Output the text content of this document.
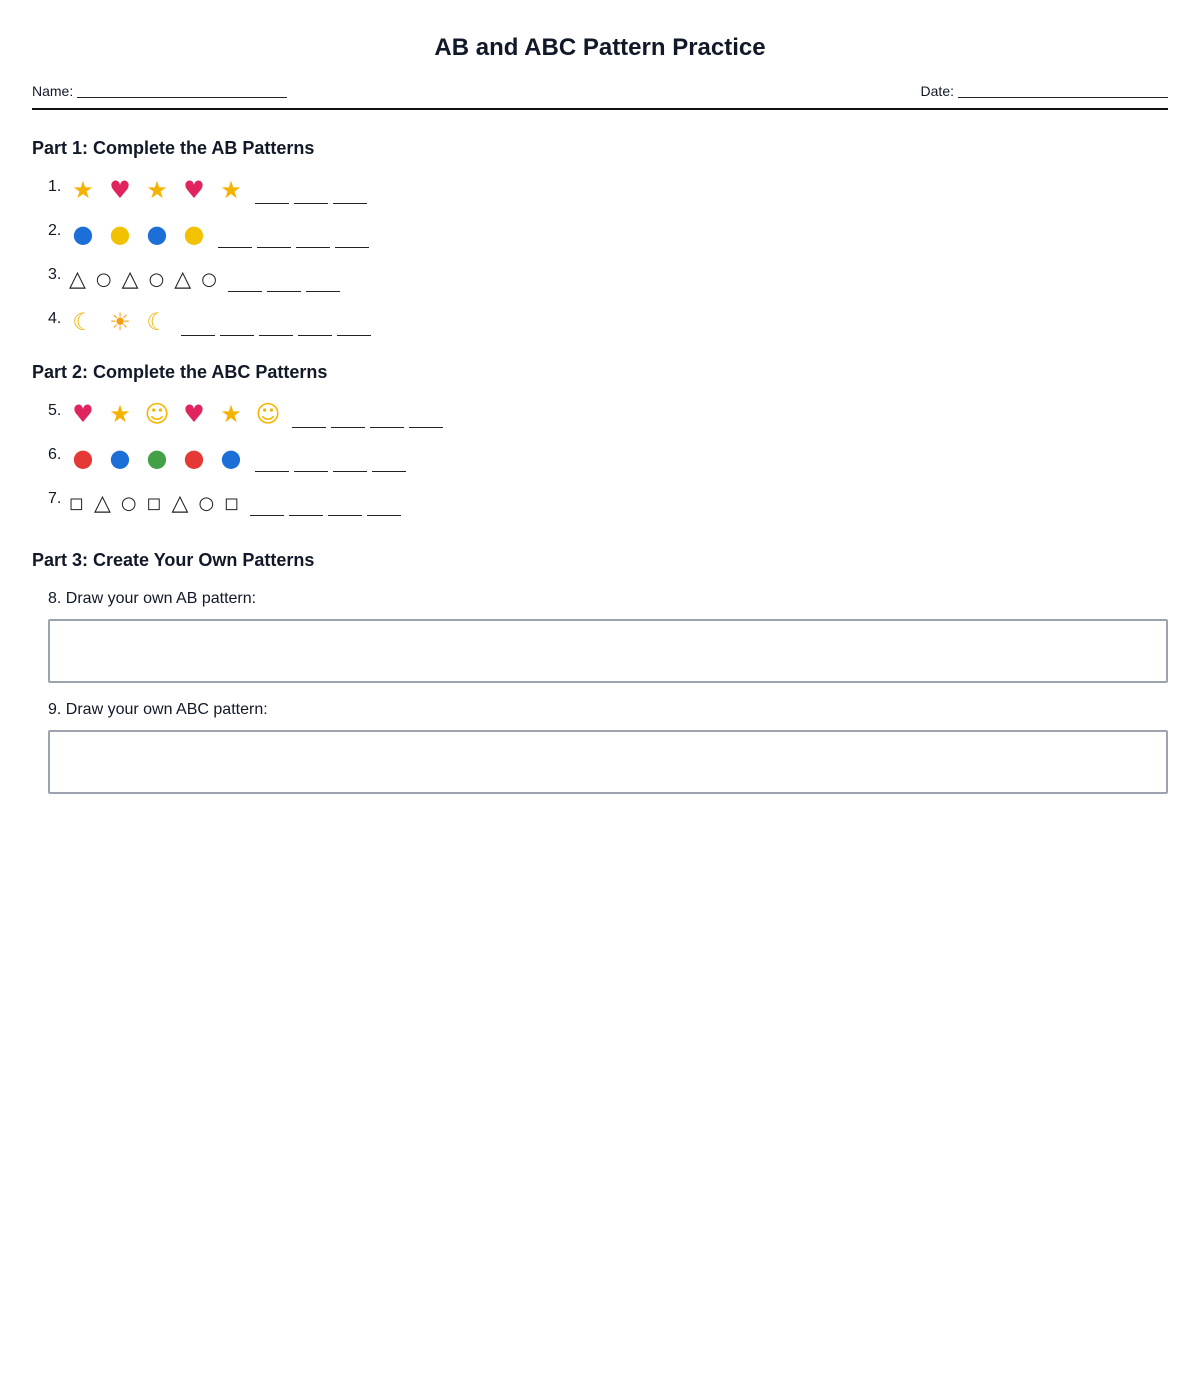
AB and ABC Pattern Practice
Name:	Date:
Part 1: Complete the AB Patterns
1. ★ ♥ ★ ♥ ★
2. ● ● ● ●
3. △ ○ △ ○ △ ○
4. ☾ ☀ ☾
Part 2: Complete the ABC Patterns
5. ♥ ★ ☺ ♥ ★ ☺
6. ● ● ● ● ●
7. ◻ △ ○ ◻ △ ○ ◻
Part 3: Create Your Own Patterns

8. Draw your own AB pattern:

9. Draw your own ABC pattern:
